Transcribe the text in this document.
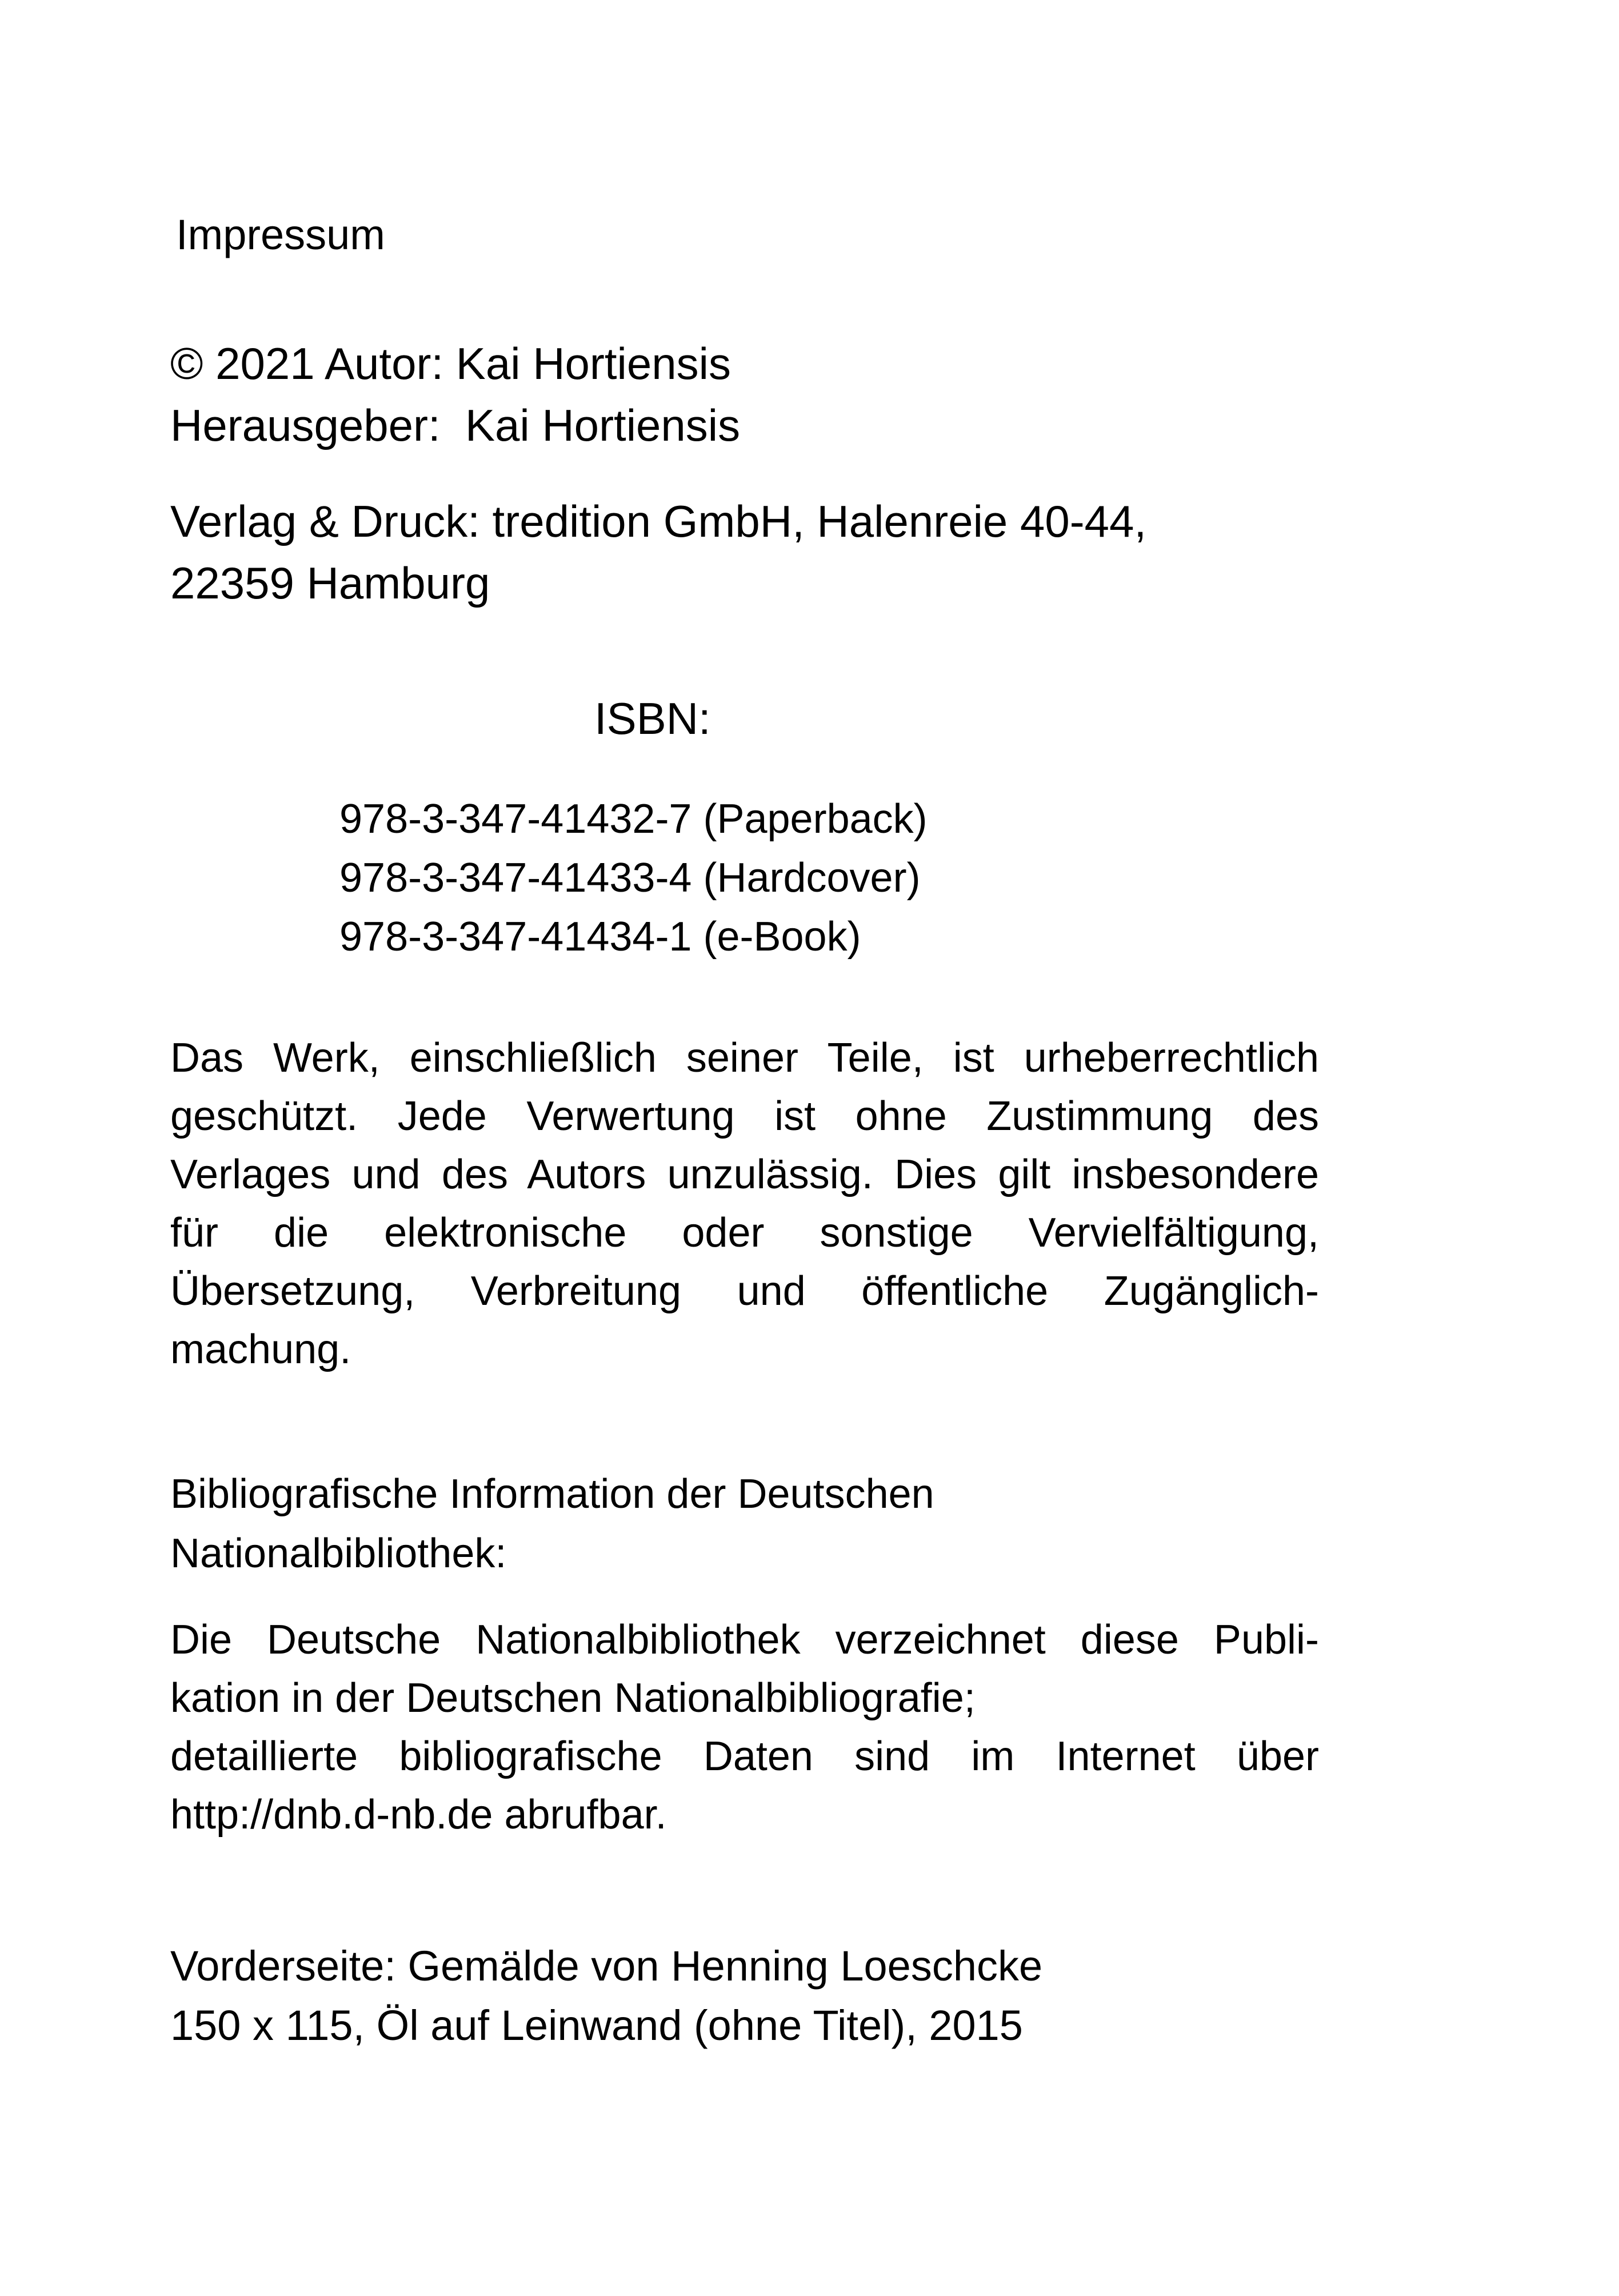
Impressum

© 2021 Autor: Kai Hortiensis

Herausgeber:  Kai Hortiensis

Verlag & Druck: tredition GmbH, Halenreie 40-44,

22359 Hamburg

ISBN:

978-3-347-41432-7 (Paperback)

978-3-347-41433-4 (Hardcover)

978-3-347-41434-1 (e-Book)

Das Werk, einschließlich seiner Teile, ist urheberrechtlich
geschützt. Jede Verwertung ist ohne Zustimmung des
Verlages und des Autors unzulässig. Dies gilt insbesondere
für die elektronische oder sonstige Vervielfältigung,
Übersetzung, Verbreitung und öffentliche Zugänglich-
machung.

Bibliografische Information der Deutschen

Nationalbibliothek:

Die Deutsche Nationalbibliothek verzeichnet diese Publi-
kation in der Deutschen Nationalbibliografie;
detaillierte bibliografische Daten sind im Internet über
http://dnb.d-nb.de abrufbar.

Vorderseite: Gemälde von Henning Loeschcke

150 x 115, Öl auf Leinwand (ohne Titel), 2015
